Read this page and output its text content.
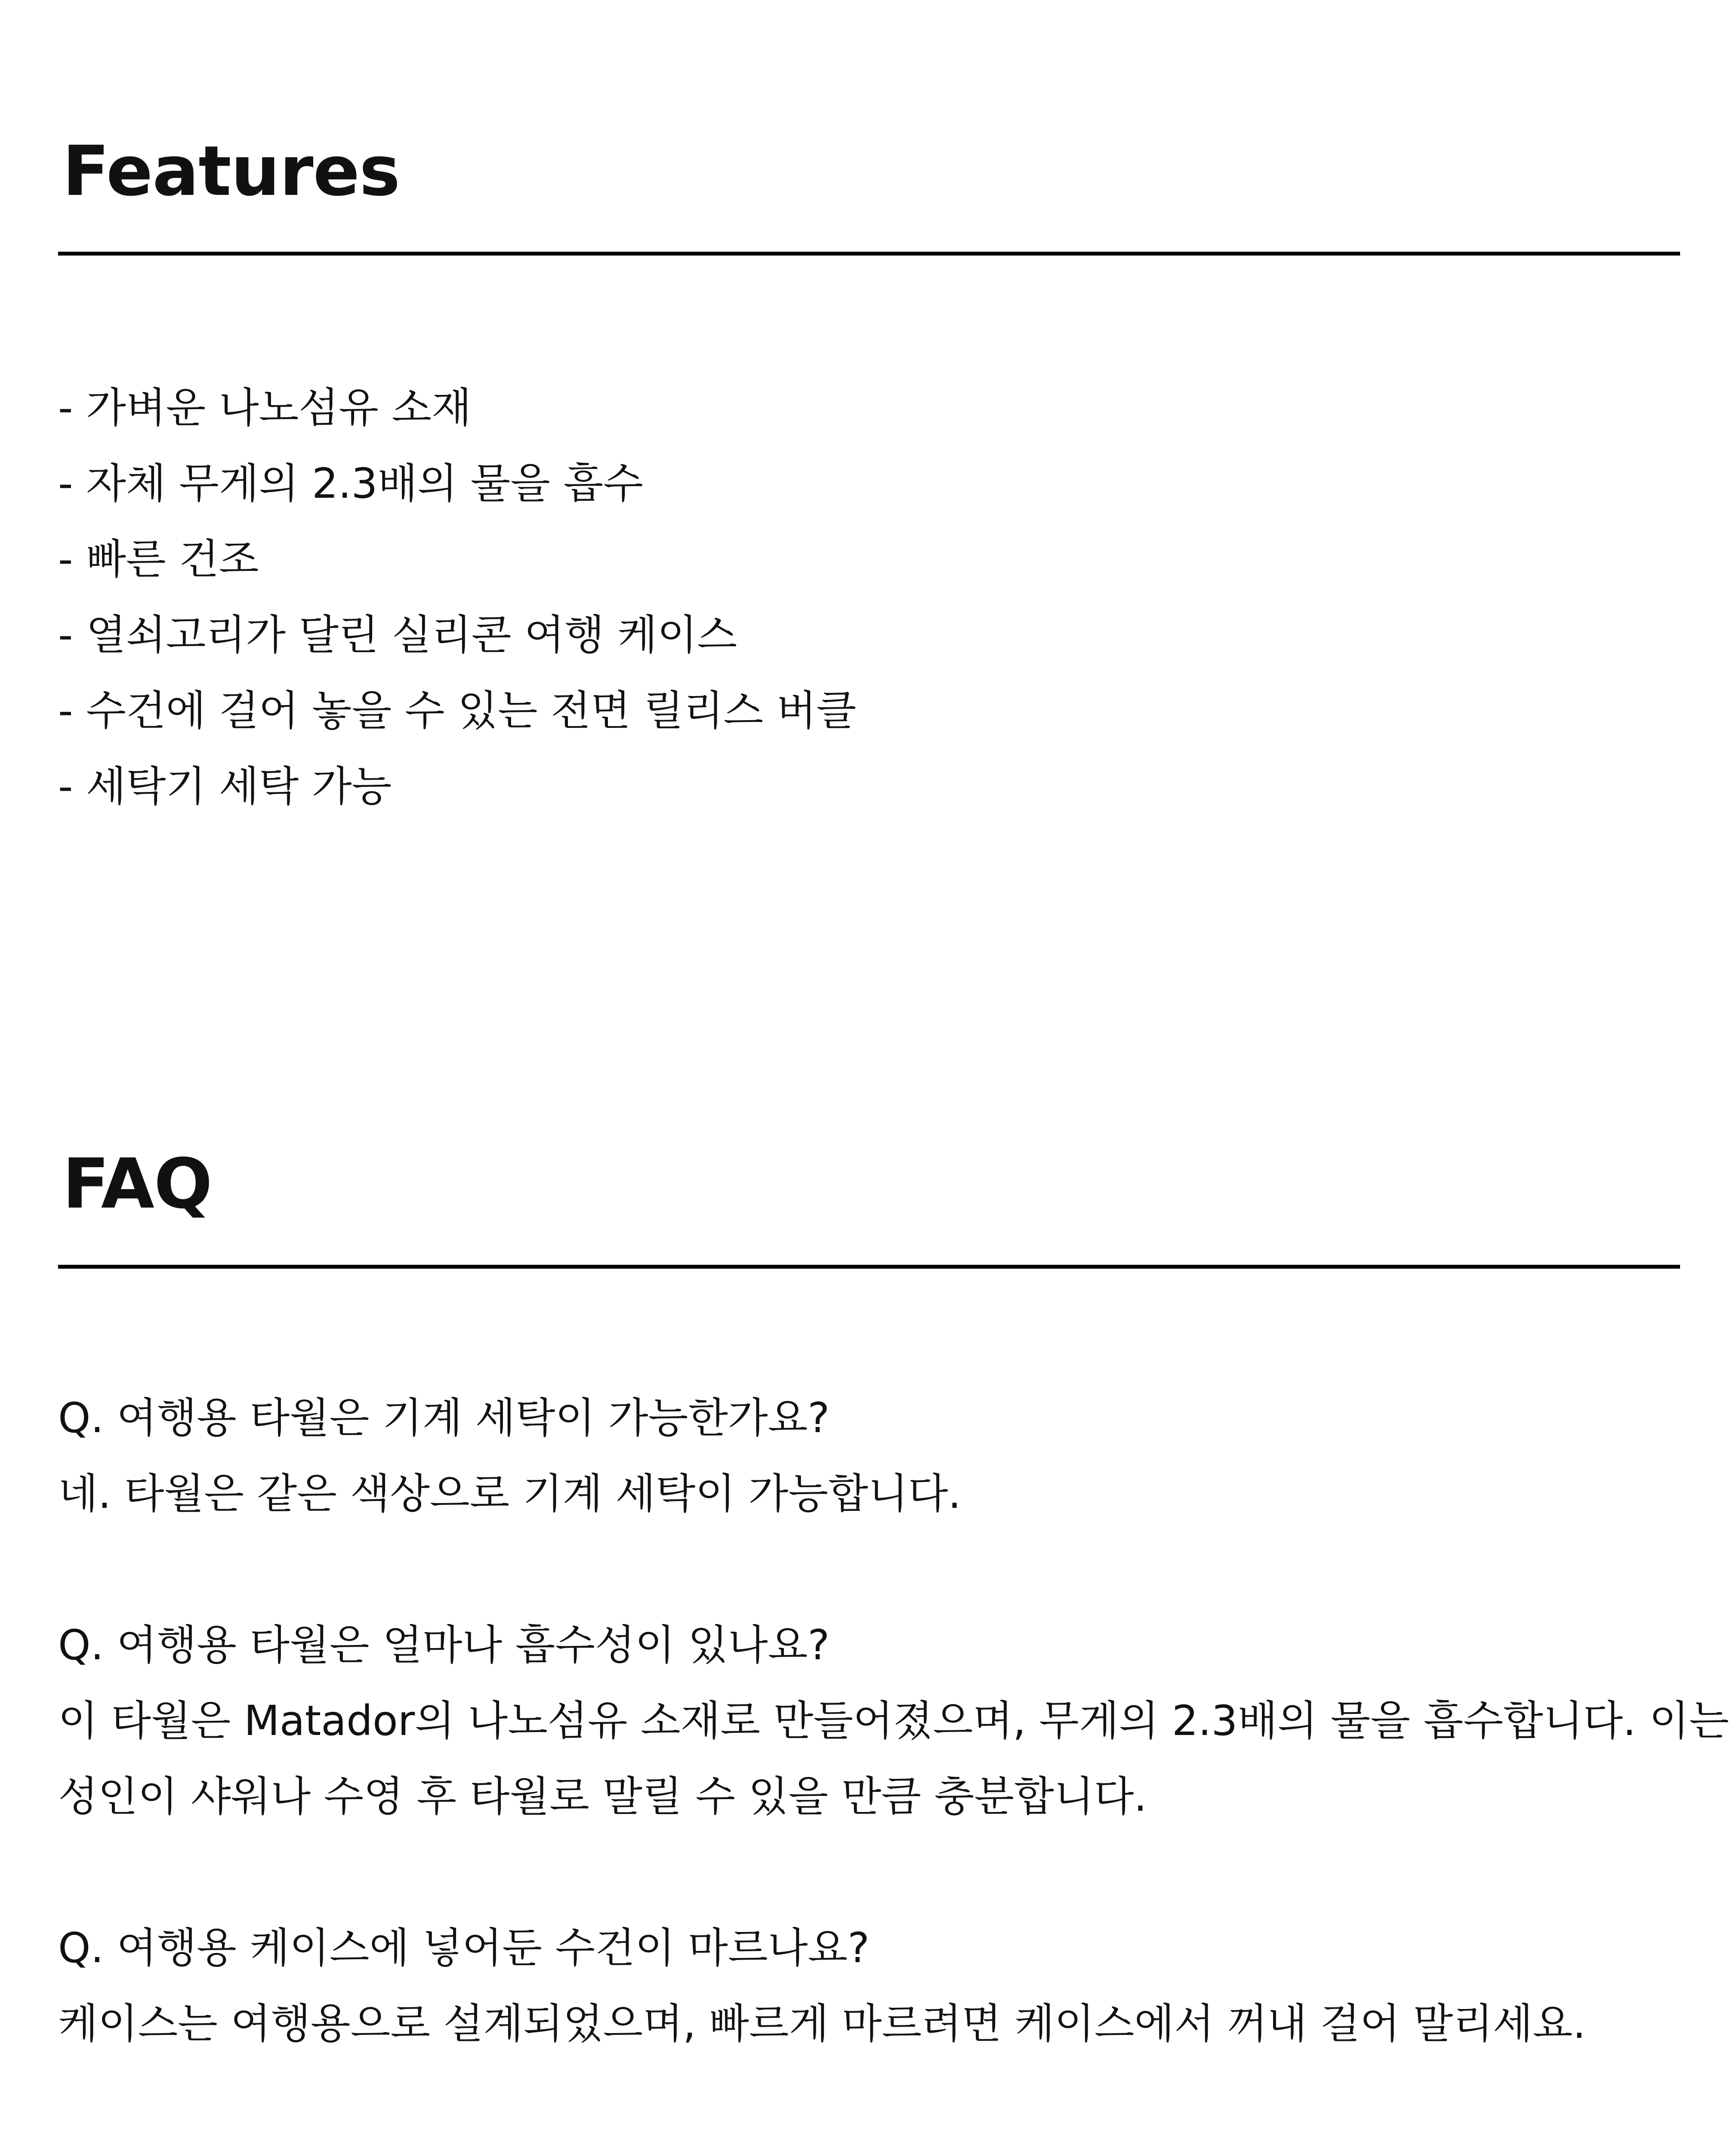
Features
- 가벼운 나노섬유 소재
- 자체 무게의 2.3배의 물을 흡수
- 빠른 건조
- 열쇠고리가 달린 실리콘 여행 케이스
- 수건에 걸어 놓을 수 있는 전면 릴리스 버클
- 세탁기 세탁 가능
FAQ
Q. 여행용 타월은 기계 세탁이 가능한가요?
네. 타월은 같은 색상으로 기계 세탁이 가능합니다.
Q. 여행용 타월은 얼마나 흡수성이 있나요?
이 타월은 Matador의 나노섬유 소재로 만들어졌으며, 무게의 2.3배의 물을 흡수합니다. 이는
성인이 샤워나 수영 후 타월로 말릴 수 있을 만큼 충분합니다.
Q. 여행용 케이스에 넣어둔 수건이 마르나요?
케이스는 여행용으로 설계되었으며, 빠르게 마르려면 케이스에서 꺼내 걸어 말리세요.
